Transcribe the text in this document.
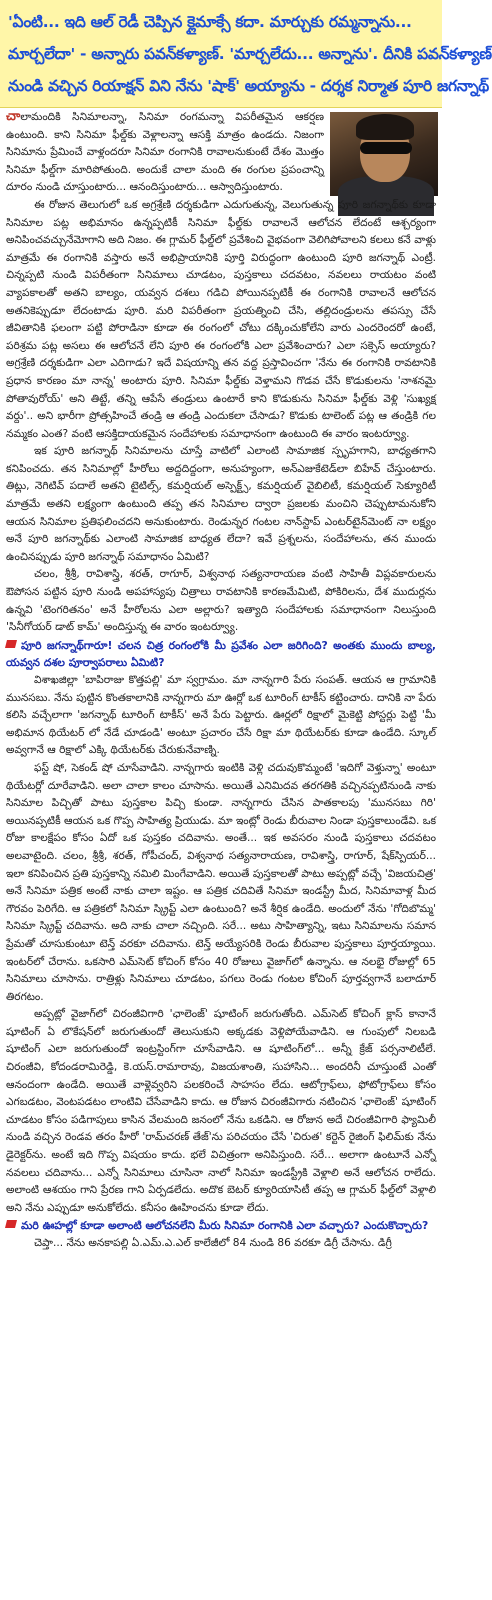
'ఏంటి... ఇది ఆల్ రెడీ చెప్పిన క్లైమాక్సే కదా. మార్చుకు రమ్మన్నాను...
మార్చలేదా' - అన్నారు పవన్‌కళ్యాణ్. 'మార్చలేదు... అన్నాను'. దీనికి పవన్‌కళ్యాణ్
నుండి వచ్చిన రియాక్షన్ విని నేను 'షాక్' అయ్యాను - దర్శక నిర్మాత పూరి జగన్నాథ్

చాలామందికి సినిమాలన్నా, సినిమా రంగమన్నా విపరీతమైన ఆకర్షణ ఉంటుంది. కాని సినిమా ఫీల్డ్‌కు వెళ్లాలన్నా ఆసక్తి మాత్రం ఉండదు. నిజంగా సినిమాను ప్రేమించే వాళ్లందరూ సినిమా రంగానికి రావాలనుకుంటే దేశం మొత్తం సినిమా ఫీల్డ్‌గా మారిపోతుంది. అందుకే చాలా మంది ఈ రంగుల ప్రపంచాన్ని దూరం నుండి చూస్తుంటారు... ఆనందిస్తుంటారు... ఆస్వాదిస్తుంటారు.

ఈ రోజున తెలుగులో ఒక అగ్రశ్రేణి దర్శకుడిగా ఎదుగుతున్న, వెలుగుతున్న పూరి జగన్నాథ్‌కు కూడా సినిమాల పట్ల అభిమానం ఉన్నప్పటికీ సినిమా ఫీల్డ్‌కు రావాలనే ఆలోచన లేదంటే ఆశ్చర్యంగా అనిపించవచ్చునేమోగాని అది నిజం. ఈ గ్లామర్ ఫీల్డ్‌లో ప్రవేశించి వైభవంగా వెలిగిపోవాలని కలలు కనే వాళ్లు మాత్రమే ఈ రంగానికి వస్తారు అనే అభిప్రాయానికి పూర్తి విరుద్ధంగా ఉంటుంది పూరి జగన్నాథ్ ఎంట్రీ. చిన్నప్పటి నుండి విపరీతంగా సినిమాలు చూడటం, పుస్తకాలు చదవటం, నవలలు రాయటం వంటి వ్యాపకాలతో అతని బాల్యం, యవ్వన దశలు గడిచి పోయినప్పటికీ ఈ రంగానికి రావాలనే ఆలోచన అతనికెప్పుడూ లేదంటాడు పూరి. మరి విపరీతంగా ప్రయత్నించి చేసి, తల్లిదండ్రులను తపస్సు చేసే జీవితానికి ఫలంగా పట్టి పోరాడినా కూడా ఈ రంగంలో చోటు దక్కించుకోలేని వారు ఎందరెందరో ఉంటే, పరిశ్రమ పట్ల అసలు ఈ ఆలోచనే లేని పూరి ఈ రంగంలోకి ఎలా ప్రవేశించారు? ఎలా సక్సెస్ అయ్యారు? అగ్రశ్రేణి దర్శకుడిగా ఎలా ఎదిగాడు? ఇదే విషయాన్ని తన వద్ద ప్రస్తావించగా 'నేను ఈ రంగానికి రావటానికి ప్రధాన కారణం మా నాన్న' అంటారు పూరి. సినిమా ఫీల్డ్‌కు వెళ్తామని గొడవ చేసే కొడుకులను 'నాశనమై పోతావురోయ్' అని తిట్టే, తన్ని ఆపేసే తండ్రులు ఉంటారే కాని కొడుకును సినిమా ఫీల్డ్‌కు వెళ్లి 'సుఖ్యక్ష వర్దు'.. అని భారీగా ప్రోత్సహించే తండ్రి ఆ తండ్రి ఎందుకలా చేసాడు? కొడుకు టాలెంట్ పట్ల ఆ తండ్రికి గల నమ్మకం ఎంత? వంటి ఆసక్తిదాయకమైన సందేహాలకు సమాధానంగా ఉంటుంది ఈ వారం ఇంటర్వ్యూ.

ఇక పూరి జగన్నాథ్ సినిమాలను చూస్తే వాటిలో ఎలాంటి సామాజిక స్పృహగాని, బాధ్యతగాని కనిపించదు. తన సినిమాల్లో హీరోలు అద్దదిద్దంగా, అనుహ్యంగా, అన్‌ఎజుకేటెడ్‌లా బిహేవ్ చేస్తుంటారు. తిట్లు, నెగిటివ్ పదాలే అతని టైటిల్స్, కమర్షియల్ అస్పెక్ట్స్, కమర్షియల్ వైబిలిటీ, కమర్షియల్ సెక్యూరిటీ మాత్రమే అతని లక్ష్యంగా ఉంటుంది తప్ప తన సినిమాల ద్వారా ప్రజలకు మంచిని చెప్పుటామనుకోని ఆయన సినిమాల ప్రతిఫలించదని అనుకుంటారు. రెండున్నర గంటల నాన్‌స్టాప్ ఎంటర్‌టైన్‌మెంట్ నా లక్ష్యం అనే పూరి జగన్నాథ్‌కు ఎలాంటి సామాజిక బాధ్యత లేదా? ఇవే ప్రశ్నలను, సందేహాలను, తన ముందు ఉంచినప్పుడు పూరి జగన్నాథ్ సమాధానం ఏమిటి?

చలం, శ్రీశ్రీ, రావిశాస్త్రి, శరత్, రాగూర్, విశ్వనాథ సత్యనారాయణ వంటి సాహితీ విప్లవకారులను ఔపోసన పట్టిన పూరి నుండి అపహాస్యపు చిత్రాలు రావటానికి కారణమేమిటి, పోకిరిలను, దేశ ముదుర్లను ఉన్నవి 'టెంగరితనం' అనే హీరోలను ఎలా అల్లారు? ఇత్యాది సందేహాలకు సమాధానంగా నిలుస్తుంది 'సినీగోయర్ డాట్ కామ్' అందిస్తున్న ఈ వారం ఇంటర్వ్యూ.

పూరి జగన్నాథ్‌గారూ! చలన చిత్ర రంగంలోకి మీ ప్రవేశం ఎలా జరిగింది? అంతకు ముందు బాల్య, యవ్వన దశల పూర్వాపరాలు ఏమిటి?

విశాఖజిల్లా 'బాపిరాజు కొత్తపల్లి' మా స్వగ్రామం. మా నాన్నగారి పేరు సంపత్. ఆయన ఆ గ్రామానికి మునసబు. నేను పుట్టిన కొంతకాలానికి నాన్నగారు మా ఊర్లో ఒక టూరింగ్ టాకీస్ కట్టించారు. దానికి నా పేరు కలిసి వచ్చేలాగా 'జగన్నాథ్ టూరింగ్ టాకీస్' అనే పేరు పెట్టారు. ఊర్లలో రిక్షాలో మైకెట్టి పోస్టర్లు పెట్టి 'మీ అభిమాన థియేటర్ లో నేడే చూడండి' అంటూ ప్రచారం చేసే రిక్షా మా థియేటర్‌కు కూడా ఉండేది. స్కూల్ అవ్వగానే ఆ రిక్షాలో ఎక్కి థియేటర్‌కు చేరుకునేవాణ్ని.

ఫస్ట్ షో, సెకండ్ షో చూసేవాడిని. నాన్నగారు ఇంటికి వెళ్లి చదువుకొమ్మంటే 'ఇదిగో వెళ్తున్నా' అంటూ థియేటర్లో దూరేవాడిని. అలా చాలా కాలం చూసాను. అయితే ఎనిమిదవ తరగతికి వచ్చినప్పటినుండి నాకు సినిమాల పిచ్చితో పాటు పుస్తకాల పిచ్చి కుండా. నాన్నగారు చేసిన పాతకాలపు 'మునసబు గిరి' అయినప్పటికీ ఆయన ఒక గొప్ప సాహిత్య ప్రియుడు. మా ఇంట్లో రెండు బీరువాల నిండా పుస్తకాలుండేవి. ఒక రోజు కాలక్షేపం కోసం ఏదో ఒక పుస్తకం చదివాను. అంతే... ఇక అవసరం నుండి పుస్తకాలు చదవటం అలవాటైంది. చలం, శ్రీశ్రీ, శరత్, గోపీచంద్, విశ్వనాథ సత్యనారాయణ, రావిశాస్త్రి, రాగూర్, షేక్‌స్పియర్... ఇలా కనిపించిన ప్రతి పుస్తకాన్ని నమిలి మింగేవాడిని. అయితే పుస్తకాలతో పాటు అప్పట్లో వచ్చే 'విజయచిత్ర' అనే సినిమా పత్రిక అంటే నాకు చాలా ఇష్టం. ఆ పత్రిక చదివితే సినిమా ఇండస్ట్రీ మీద, సినిమావాళ్ల మీద గౌరవం పెరిగేది. ఆ పత్రికలో సినిమా స్క్రిప్ట్ ఎలా ఉంటుంది? అనే శీర్షిక ఉండేది. అందులో నేను 'గోదిబొమ్మ' సినిమా స్క్రిప్ట్ చదివాను. అది నాకు చాలా నచ్చింది. సరే... అటు సాహిత్యాన్ని, ఇటు సినిమాలను సమాన ప్రేమతో చూసుకుంటూ టెన్త్ వరకూ చదివాను. టెన్త్ అయ్యేసరికి రెండు బీరువాల పుస్తకాలు పూర్తయ్యాయి. ఇంటర్‌లో చేరాను. ఒకసారి ఎమ్‌సెట్ కోచింగ్ కోసం 40 రోజులు వైజాగ్‌లో ఉన్నాను. ఆ నలభై రోజుల్లో 65 సినిమాలు చూసాను. రాత్రిళ్లు సినిమాలు చూడటం, పగలు రెండు గంటల కోచింగ్ పూర్తవ్వగానే బలాదూర్ తిరగటం.

అప్పట్లో వైజాగ్‌లో చిరంజీవిగారి 'ఛాలెంజ్' షూటింగ్ జరుగుతోంది. ఎమ్‌సెట్ కోచింగ్ క్లాస్ కానానే షూటింగ్ ఏ లొకేషన్‌లో జరుగుతుందో తెలుసుకుని అక్కడకు వెళ్లిపోయేవాడిని. ఆ గుంపులో నిలబడి షూటింగ్ ఎలా జరుగుతుందో ఇంట్రస్టింగ్‌గా చూసేవాడిని. ఆ షూటింగ్‌లో... అన్నీ క్రేజ్ పర్సనాలిటీలే. చిరంజీవి, కోదండరామిరెడ్డి, కె.యస్.రామారావు, విజయశాంతి, సుహాసిని... అందరినీ చూస్తుంటే ఎంతో ఆనందంగా ఉండేది. అయితే వాళ్లెవ్వరిని పలకరించే సాహసం లేదు. ఆటోగ్రాఫ్‌లు, ఫోటోగ్రాఫ్‌లు కోసం ఎగబడటం, వెంటపడటం లాంటివి చేసేవాడిని కాదు. ఆ రోజున చిరంజీవిగారు నటించిన 'ఛాలెంజ్' షూటింగ్ చూడటం కోసం పడిగాపులు కాసిన వేలమంది జనంలో నేను ఒకడిని. ఆ రోజున అదే చిరంజీవిగారి ఫ్యామిలీ నుండి వచ్చిన రెండవ తరం హీరో 'రామ్‌చరణ్ తేజ్'ను పరిచయం చేసే 'చిరుత' కర్టెన్ రైజింగ్ ఫిలిమ్‌కు నేను డైరెక్టర్‌ను. అంటే ఇది గొప్ప విషయం కాదు. భలే విచిత్రంగా అనిపిస్తుంది. సరే... అలాగా ఉంటూనే ఎన్నో నవలలు చదివాను... ఎన్నో సినిమాలు చూసినా నాలో సినిమా ఇండస్ట్రీకి వెళ్లాలి అనే ఆలోచన రాలేదు. అలాంటి ఆశయం గాని ప్రేరణ గాని ఏర్పడలేదు. అదొక బెటర్ క్యూరియాసిటీ తప్ప ఆ గ్లామర్ ఫీల్డ్‌లో వెళ్లాలి అని నేను ఎప్పుడూ అనుకోలేదు. కనీసం ఊహించను కూడా లేదు.

మరి ఊహల్లో కూడా అలాంటి ఆలోచనలేని మీరు సినిమా రంగానికి ఎలా వచ్చారు? ఎందుకొచ్చారు?

చెప్తా... నేను అనకాపల్లి ఏ.ఎమ్.ఎ.ఎల్ కాలేజీలో 84 నుండి 86 వరకూ డిగ్రీ చేసాను. డిగ్రీ
